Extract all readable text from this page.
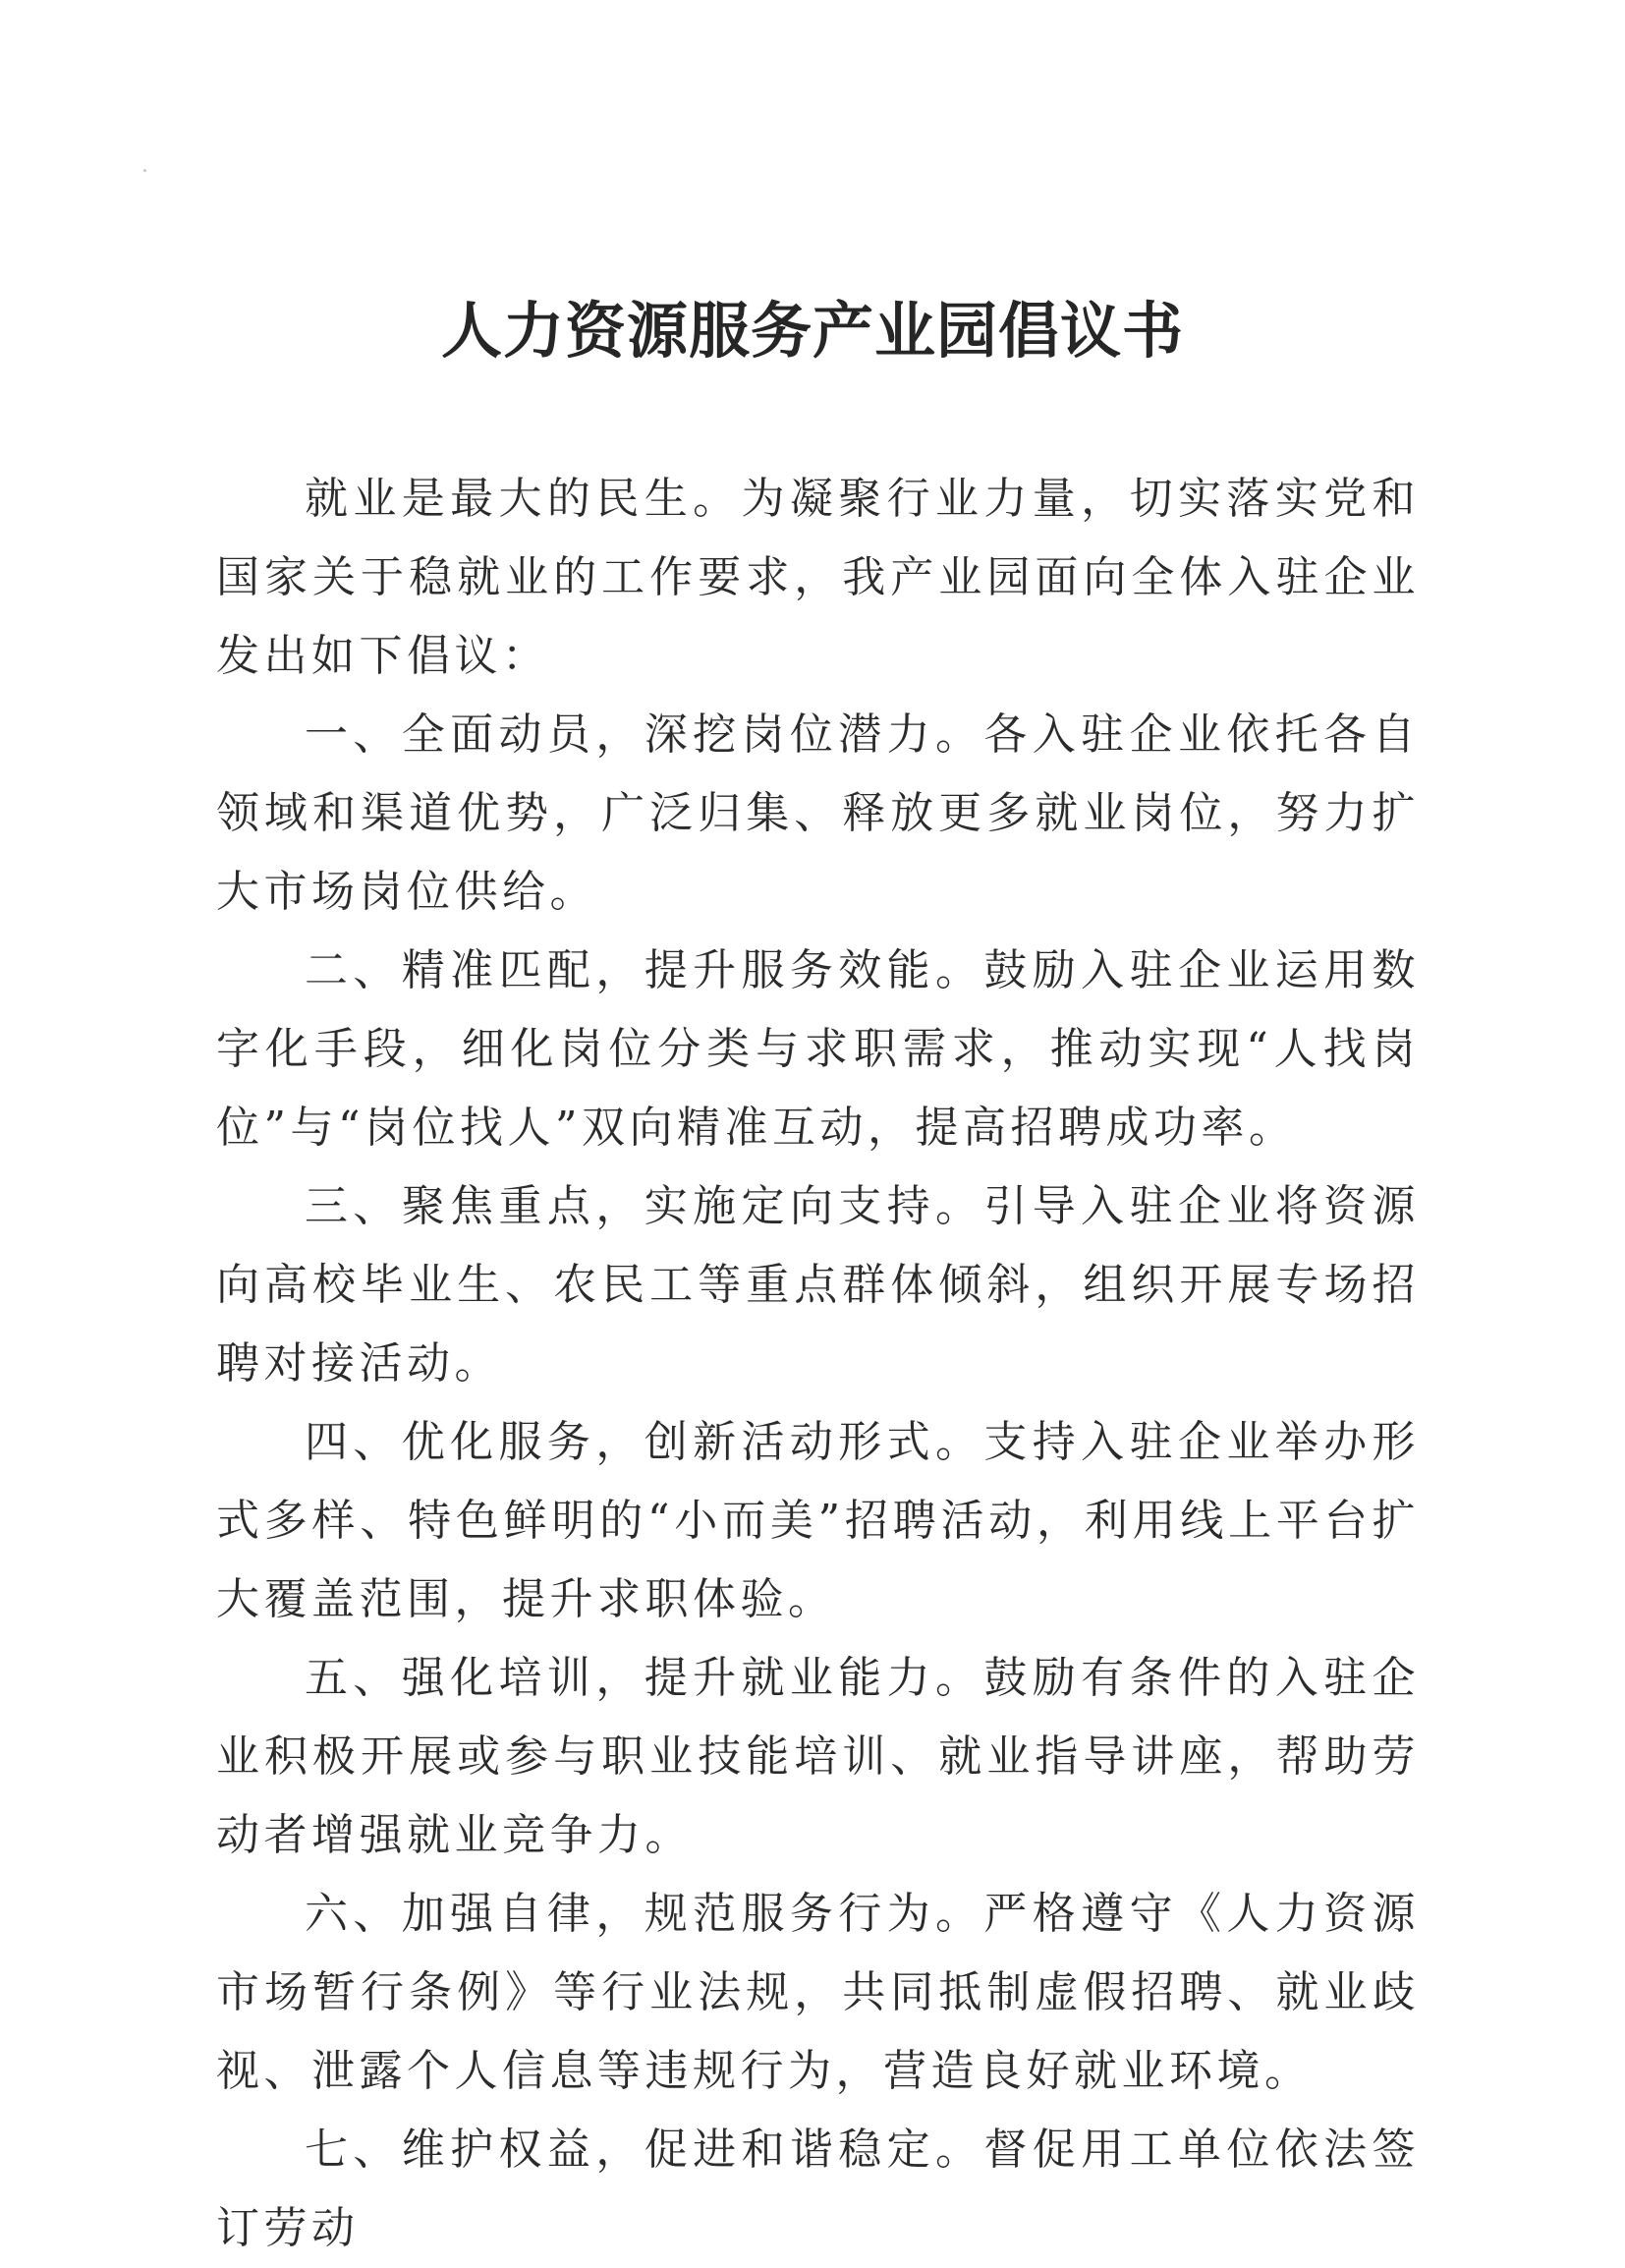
人力资源服务产业园倡议书

就业是最大的民生。为凝聚行业力量，切实落实党和国家关于稳就业的工作要求，我产业园面向全体入驻企业发出如下倡议：

一、全面动员，深挖岗位潜力。各入驻企业依托各自领域和渠道优势，广泛归集、释放更多就业岗位，努力扩大市场岗位供给。

二、精准匹配，提升服务效能。鼓励入驻企业运用数字化手段，细化岗位分类与求职需求，推动实现“人找岗位”与“岗位找人”双向精准互动，提高招聘成功率。

三、聚焦重点，实施定向支持。引导入驻企业将资源向高校毕业生、农民工等重点群体倾斜，组织开展专场招聘对接活动。

四、优化服务，创新活动形式。支持入驻企业举办形式多样、特色鲜明的“小而美”招聘活动，利用线上平台扩大覆盖范围，提升求职体验。

五、强化培训，提升就业能力。鼓励有条件的入驻企业积极开展或参与职业技能培训、就业指导讲座，帮助劳动者增强就业竞争力。

六、加强自律，规范服务行为。严格遵守《人力资源市场暂行条例》等行业法规，共同抵制虚假招聘、就业歧视、泄露个人信息等违规行为，营造良好就业环境。

七、维护权益，促进和谐稳定。督促用工单位依法签订劳动
